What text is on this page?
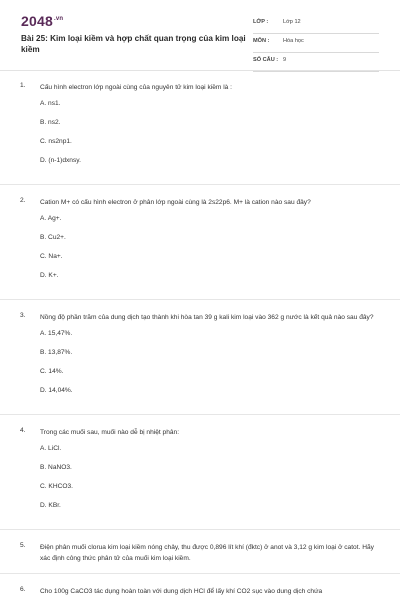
$2048^{.vn}$
Bài 25: Kim loại kiềm và hợp chất quan trọng của kim loại kiềm
LỚP :	Lớp 12
MÔN : Hóa học
SỐ CÂU : 9
1. Cấu hình electron lớp ngoài cùng của nguyên tử kim loại kiềm là :
A. ns1.
B. ns2.
C. ns2np1.
D. (n-1)dxnsy.
2. Cation M+ có cấu hình electron ở phân lớp ngoài cùng là 2s22p6. M+ là cation nào sau đây?
A. Ag+.
B. Cu2+.
C. Na+.
D. K+.
3. Nồng độ phần trăm của dung dịch tạo thành khi hòa tan 39 g kali kim loại vào 362 g nước là kết quả nào sau đây?
A. 15,47%.
B. 13,87%.
C. 14%.
D. 14,04%.
4. Trong các muối sau, muối nào dễ bị nhiệt phân:
A. LiCl.
B. NaNO3.
C. KHCO3.
D. KBr.
5. Điện phân muối clorua kim loại kiềm nóng chảy, thu được 0,896 lít khí (đktc) ở anot và 3,12 g kim loại ở catot. Hãy xác định công thức phân tử của muối kim loại kiềm.
6. Cho 100g CaCO3 tác dụng hoàn toàn với dung dịch HCl để lấy khí CO2 sục vào dung dịch chứa
